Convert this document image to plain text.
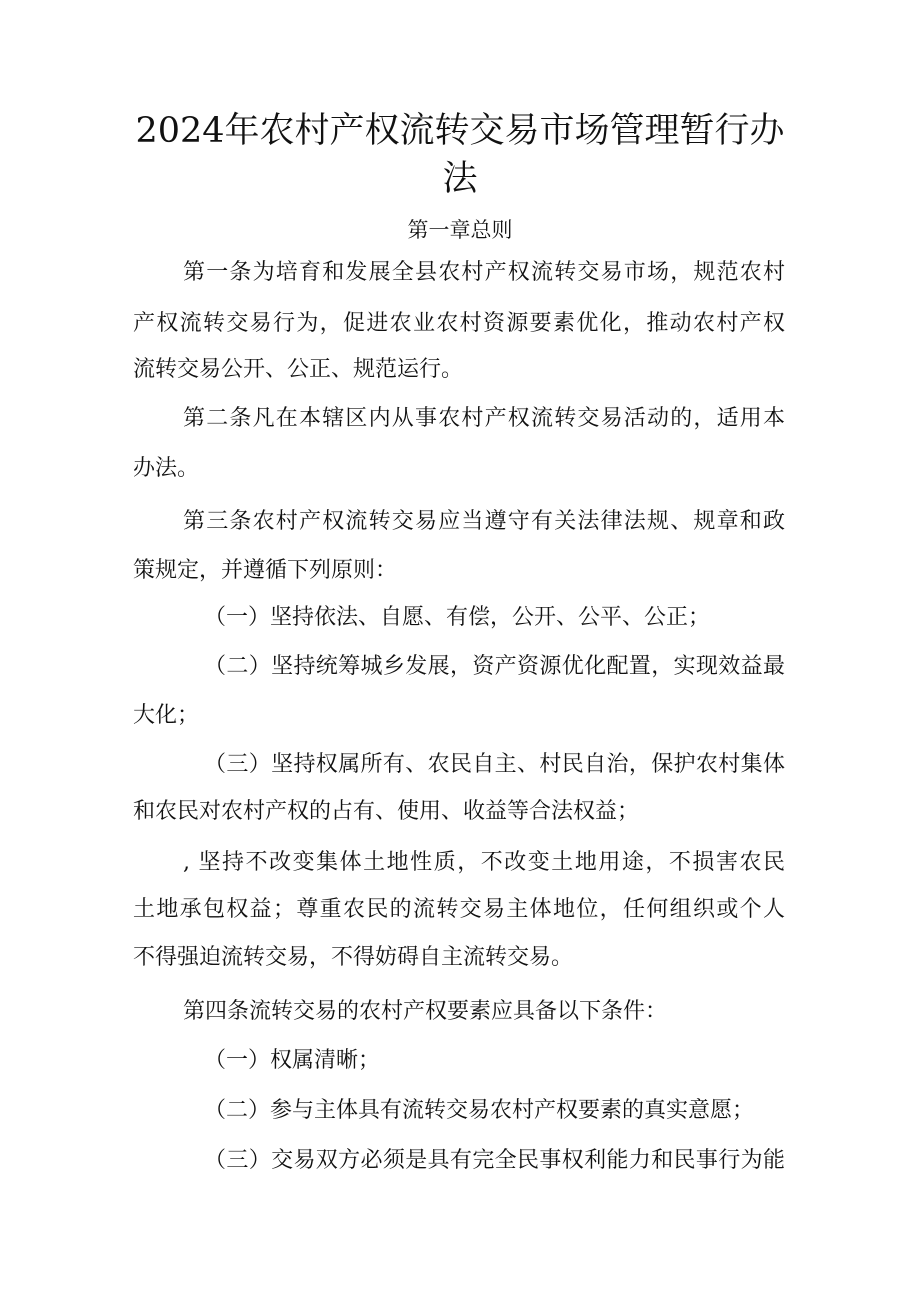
2024年农村产权流转交易市场管理暂行办
法
第一章总则

第一条为培育和发展全县农村产权流转交易市场，规范农村

产权流转交易行为，促进农业农村资源要素优化，推动农村产权

流转交易公开、公正、规范运行。

第二条凡在本辖区内从事农村产权流转交易活动的，适用本

办法。

第三条农村产权流转交易应当遵守有关法律法规、规章和政

策规定，并遵循下列原则：

（一）坚持依法、自愿、有偿，公开、公平、公正；

（二）坚持统筹城乡发展，资产资源优化配置，实现效益最

大化；

（三）坚持权属所有、农民自主、村民自治，保护农村集体

和农民对农村产权的占有、使用、收益等合法权益；

, 坚持不改变集体土地性质，不改变土地用途，不损害农民

土地承包权益；尊重农民的流转交易主体地位，任何组织或个人

不得强迫流转交易，不得妨碍自主流转交易。

第四条流转交易的农村产权要素应具备以下条件：

（一）权属清晰；

（二）参与主体具有流转交易农村产权要素的真实意愿；

（三）交易双方必须是具有完全民事权利能力和民事行为能
